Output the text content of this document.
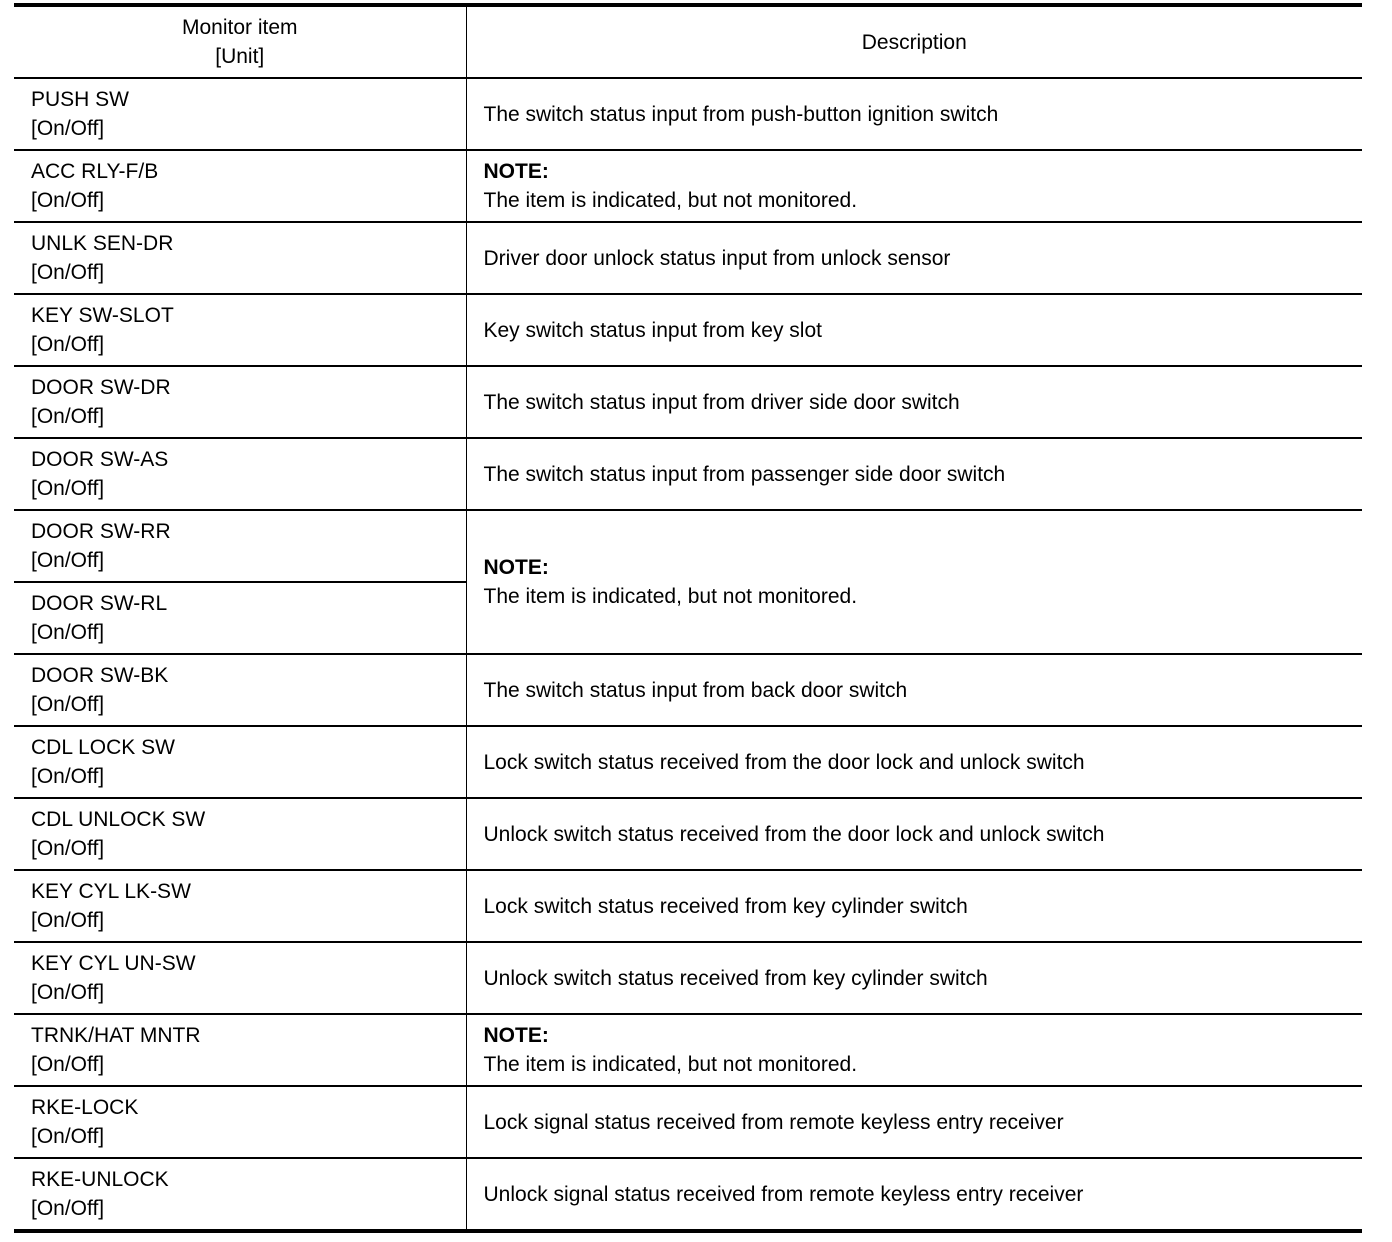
Monitor item
[Unit]	Description

PUSH SW
[On/Off]	The switch status input from push-button ignition switch

ACC RLY-F/B
[On/Off]	NOTE:
The item is indicated, but not monitored.

UNLK SEN-DR
[On/Off]	Driver door unlock status input from unlock sensor

KEY SW-SLOT
[On/Off]	Key switch status input from key slot

DOOR SW-DR
[On/Off]	The switch status input from driver side door switch

DOOR SW-AS
[On/Off]	The switch status input from passenger side door switch

DOOR SW-RR
[On/Off]	NOTE:
The item is indicated, but not monitored.

DOOR SW-RL
[On/Off]	

DOOR SW-BK
[On/Off]	The switch status input from back door switch

CDL LOCK SW
[On/Off]	Lock switch status received from the door lock and unlock switch

CDL UNLOCK SW
[On/Off]	Unlock switch status received from the door lock and unlock switch

KEY CYL LK-SW
[On/Off]	Lock switch status received from key cylinder switch

KEY CYL UN-SW
[On/Off]	Unlock switch status received from key cylinder switch

TRNK/HAT MNTR
[On/Off]	NOTE:
The item is indicated, but not monitored.

RKE-LOCK
[On/Off]	Lock signal status received from remote keyless entry receiver

RKE-UNLOCK
[On/Off]	Unlock signal status received from remote keyless entry receiver
